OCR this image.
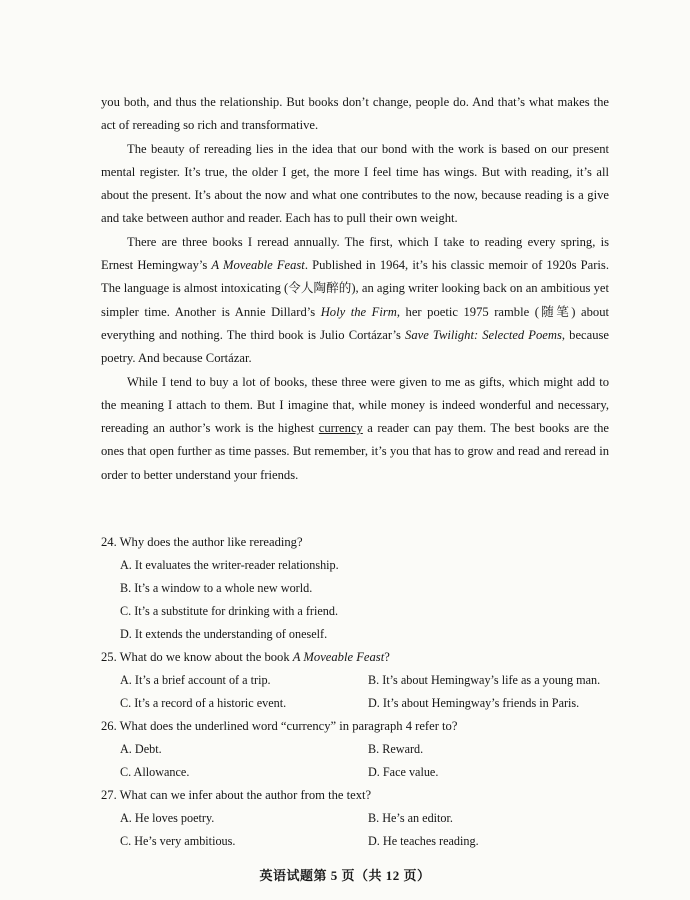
you both, and thus the relationship. But books don’t change, people do. And that’s what makes the act of rereading so rich and transformative.

The beauty of rereading lies in the idea that our bond with the work is based on our present mental register. It’s true, the older I get, the more I feel time has wings. But with reading, it’s all about the present. It’s about the now and what one contributes to the now, because reading is a give and take between author and reader. Each has to pull their own weight.

There are three books I reread annually. The first, which I take to reading every spring, is Ernest Hemingway’s A Moveable Feast. Published in 1964, it’s his classic memoir of 1920s Paris. The language is almost intoxicating (令人陶醉的), an aging writer looking back on an ambitious yet simpler time. Another is Annie Dillard’s Holy the Firm, her poetic 1975 ramble (随笔) about everything and nothing. The third book is Julio Cortázar’s Save Twilight: Selected Poems, because poetry. And because Cortázar.

While I tend to buy a lot of books, these three were given to me as gifts, which might add to the meaning I attach to them. But I imagine that, while money is indeed wonderful and necessary, rereading an author’s work is the highest currency a reader can pay them. The best books are the ones that open further as time passes. But remember, it’s you that has to grow and read and reread in order to better understand your friends.

24. Why does the author like rereading?

A. It evaluates the writer-reader relationship.
B. It’s a window to a whole new world.
C. It’s a substitute for drinking with a friend.
D. It extends the understanding of oneself.

25. What do we know about the book A Moveable Feast?

A. It’s a brief account of a trip.	B. It’s about Hemingway’s life as a young man.
C. It’s a record of a historic event.	D. It’s about Hemingway’s friends in Paris.

26. What does the underlined word “currency” in paragraph 4 refer to?

A. Debt.	B. Reward.
C. Allowance.	D. Face value.

27. What can we infer about the author from the text?

A. He loves poetry.	B. He’s an editor.
C. He’s very ambitious.	D. He teaches reading.
英语试题第 5 页（共 12 页）
